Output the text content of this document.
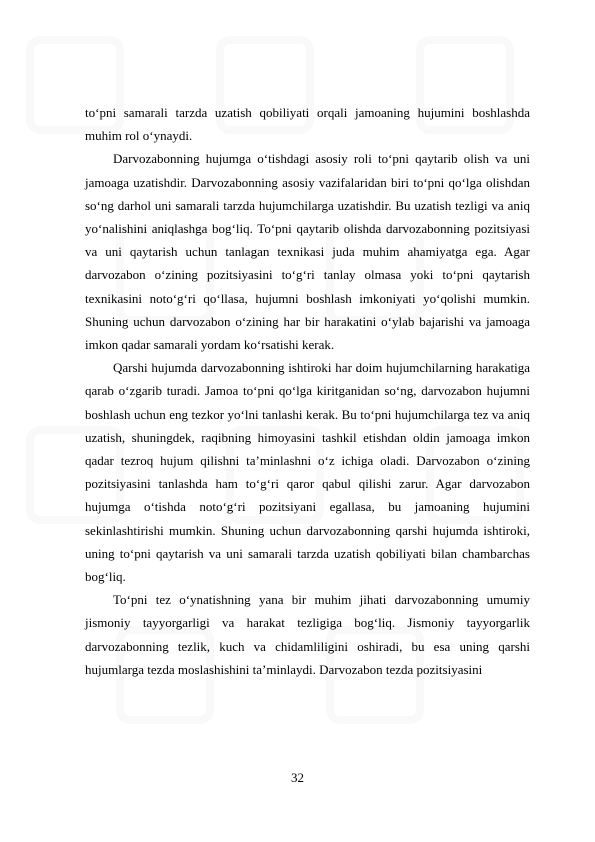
to‘pni samarali tarzda uzatish qobiliyati orqali jamoaning hujumini boshlashda muhim rol o‘ynaydi.

Darvozabonning hujumga o‘tishdagi asosiy roli to‘pni qaytarib olish va uni jamoaga uzatishdir. Darvozabonning asosiy vazifalaridan biri to‘pni qo‘lga olishdan so‘ng darhol uni samarali tarzda hujumchilarga uzatishdir. Bu uzatish tezligi va aniq yo‘nalishini aniqlashga bog‘liq. To‘pni qaytarib olishda darvozabonning pozitsiyasi va uni qaytarish uchun tanlagan texnikasi juda muhim ahamiyatga ega. Agar darvozabon o‘zining pozitsiyasini to‘g‘ri tanlay olmasa yoki to‘pni qaytarish texnikasini noto‘g‘ri qo‘llasa, hujumni boshlash imkoniyati yo‘qolishi mumkin. Shuning uchun darvozabon o‘zining har bir harakatini o‘ylab bajarishi va jamoaga imkon qadar samarali yordam ko‘rsatishi kerak.

Qarshi hujumda darvozabonning ishtiroki har doim hujumchilarning harakatiga qarab o‘zgarib turadi. Jamoa to‘pni qo‘lga kiritganidan so‘ng, darvozabon hujumni boshlash uchun eng tezkor yo‘lni tanlashi kerak. Bu to‘pni hujumchilarga tez va aniq uzatish, shuningdek, raqibning himoyasini tashkil etishdan oldin jamoaga imkon qadar tezroq hujum qilishni ta’minlashni o‘z ichiga oladi. Darvozabon o‘zining pozitsiyasini tanlashda ham to‘g‘ri qaror qabul qilishi zarur. Agar darvozabon hujumga o‘tishda noto‘g‘ri pozitsiyani egallasa, bu jamoaning hujumini sekinlashtirishi mumkin. Shuning uchun darvozabonning qarshi hujumda ishtiroki, uning to‘pni qaytarish va uni samarali tarzda uzatish qobiliyati bilan chambarchas bog‘liq.

To‘pni tez o‘ynatishning yana bir muhim jihati darvozabonning umumiy jismoniy tayyorgarligi va harakat tezligiga bog‘liq. Jismoniy tayyorgarlik darvozabonning tezlik, kuch va chidamliligini oshiradi, bu esa uning qarshi hujumlarga tezda moslashishini ta’minlaydi. Darvozabon tezda pozitsiyasini

32
